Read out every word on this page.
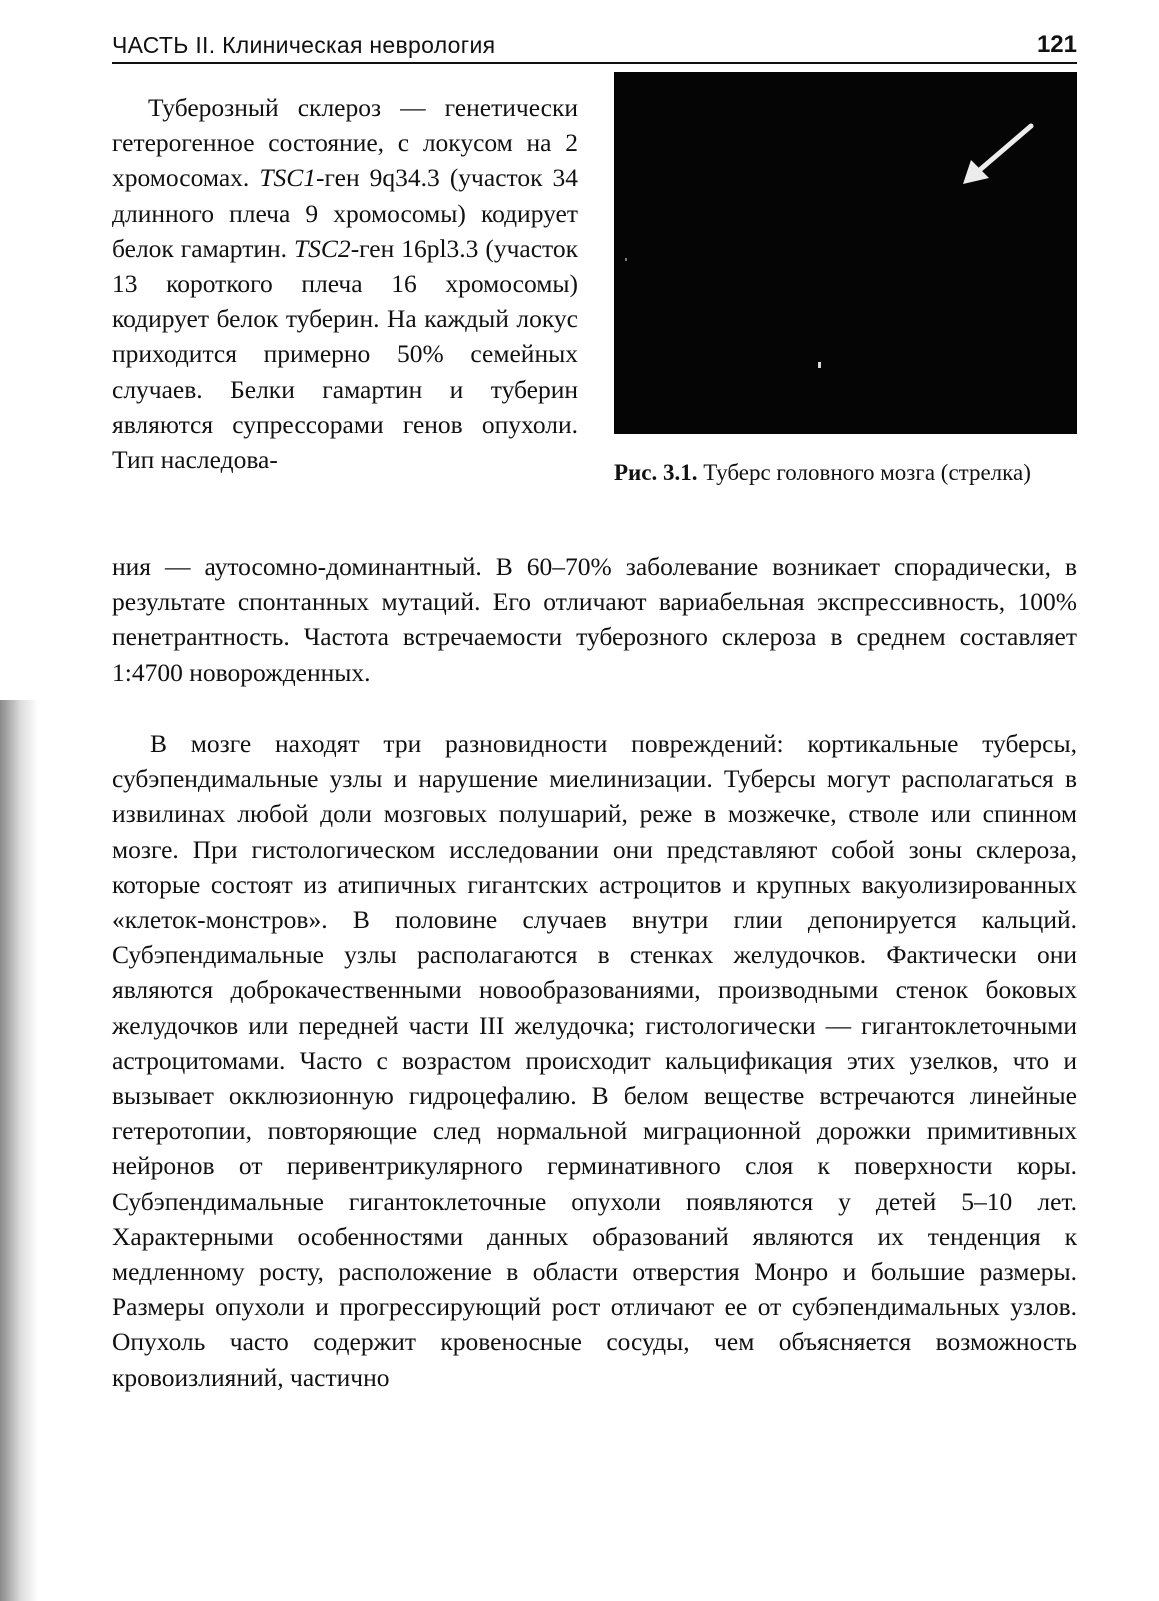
ЧАСТЬ II. Клиническая неврология	121

Туберозный склероз — генетически гетерогенное состояние, с локусом на 2 хромосомах. TSC1-ген 9q34.3 (участок 34 длинного плеча 9 хромосомы) кодирует белок гамартин. TSC2-ген 16pl3.3 (участок 13 короткого плеча 16 хромосомы) кодирует белок туберин. На каждый локус приходится примерно 50% семейных случаев. Белки гамартин и туберин являются супрессорами генов опухоли. Тип наследова-	Рис. 3.1. Туберс головного мозга (стрелка)

ния — аутосомно-доминантный. В 60–70% заболевание возникает спорадически, в результате спонтанных мутаций. Его отличают вариабельная экспрессивность, 100% пенетрантность. Частота встречаемости туберозного склероза в среднем составляет 1:4700 новорожденных.

В мозге находят три разновидности повреждений: кортикальные туберсы, субэпендимальные узлы и нарушение миелинизации. Туберсы могут располагаться в извилинах любой доли мозговых полушарий, реже в мозжечке, стволе или спинном мозге. При гистологическом исследовании они представляют собой зоны склероза, которые состоят из атипичных гигантских астроцитов и крупных вакуолизированных «клеток-монстров». В половине случаев внутри глии депонируется кальций. Субэпендимальные узлы располагаются в стенках желудочков. Фактически они являются доброкачественными новообразованиями, производными стенок боковых желудочков или передней части III желудочка; гистологически — гигантоклеточными астроцитомами. Часто с возрастом происходит кальцификация этих узелков, что и вызывает окклюзионную гидроцефалию. В белом веществе встречаются линейные гетеротопии, повторяющие след нормальной миграционной дорожки примитивных нейронов от перивентрикулярного герминативного слоя к поверхности коры. Субэпендимальные гигантоклеточные опухоли появляются у детей 5–10 лет. Характерными особенностями данных образований являются их тенденция к медленному росту, расположение в области отверстия Монро и большие размеры. Размеры опухоли и прогрессирующий рост отличают ее от субэпендимальных узлов. Опухоль часто содержит кровеносные сосуды, чем объясняется возможность кровоизлияний, частично
